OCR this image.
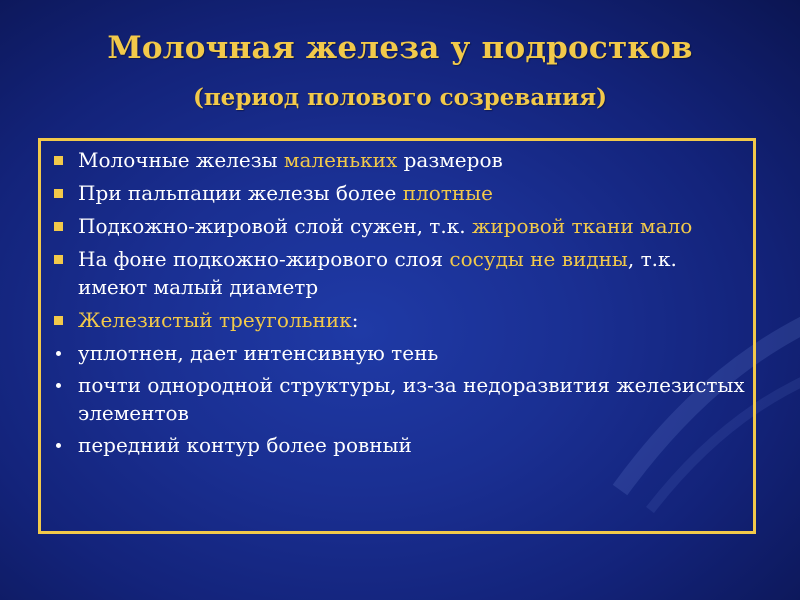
Молочная железа у подростков
(период полового созревания)
Молочные железы маленьких размеров
При пальпации железы более плотные
Подкожно-жировой слой сужен, т.к. жировой ткани мало
На фоне подкожно-жирового слоя сосуды не видны, т.к. имеют малый диаметр
Железистый треугольник:
уплотнен, дает интенсивную тень
почти однородной структуры, из-за недоразвития железистых элементов
передний контур более ровный
